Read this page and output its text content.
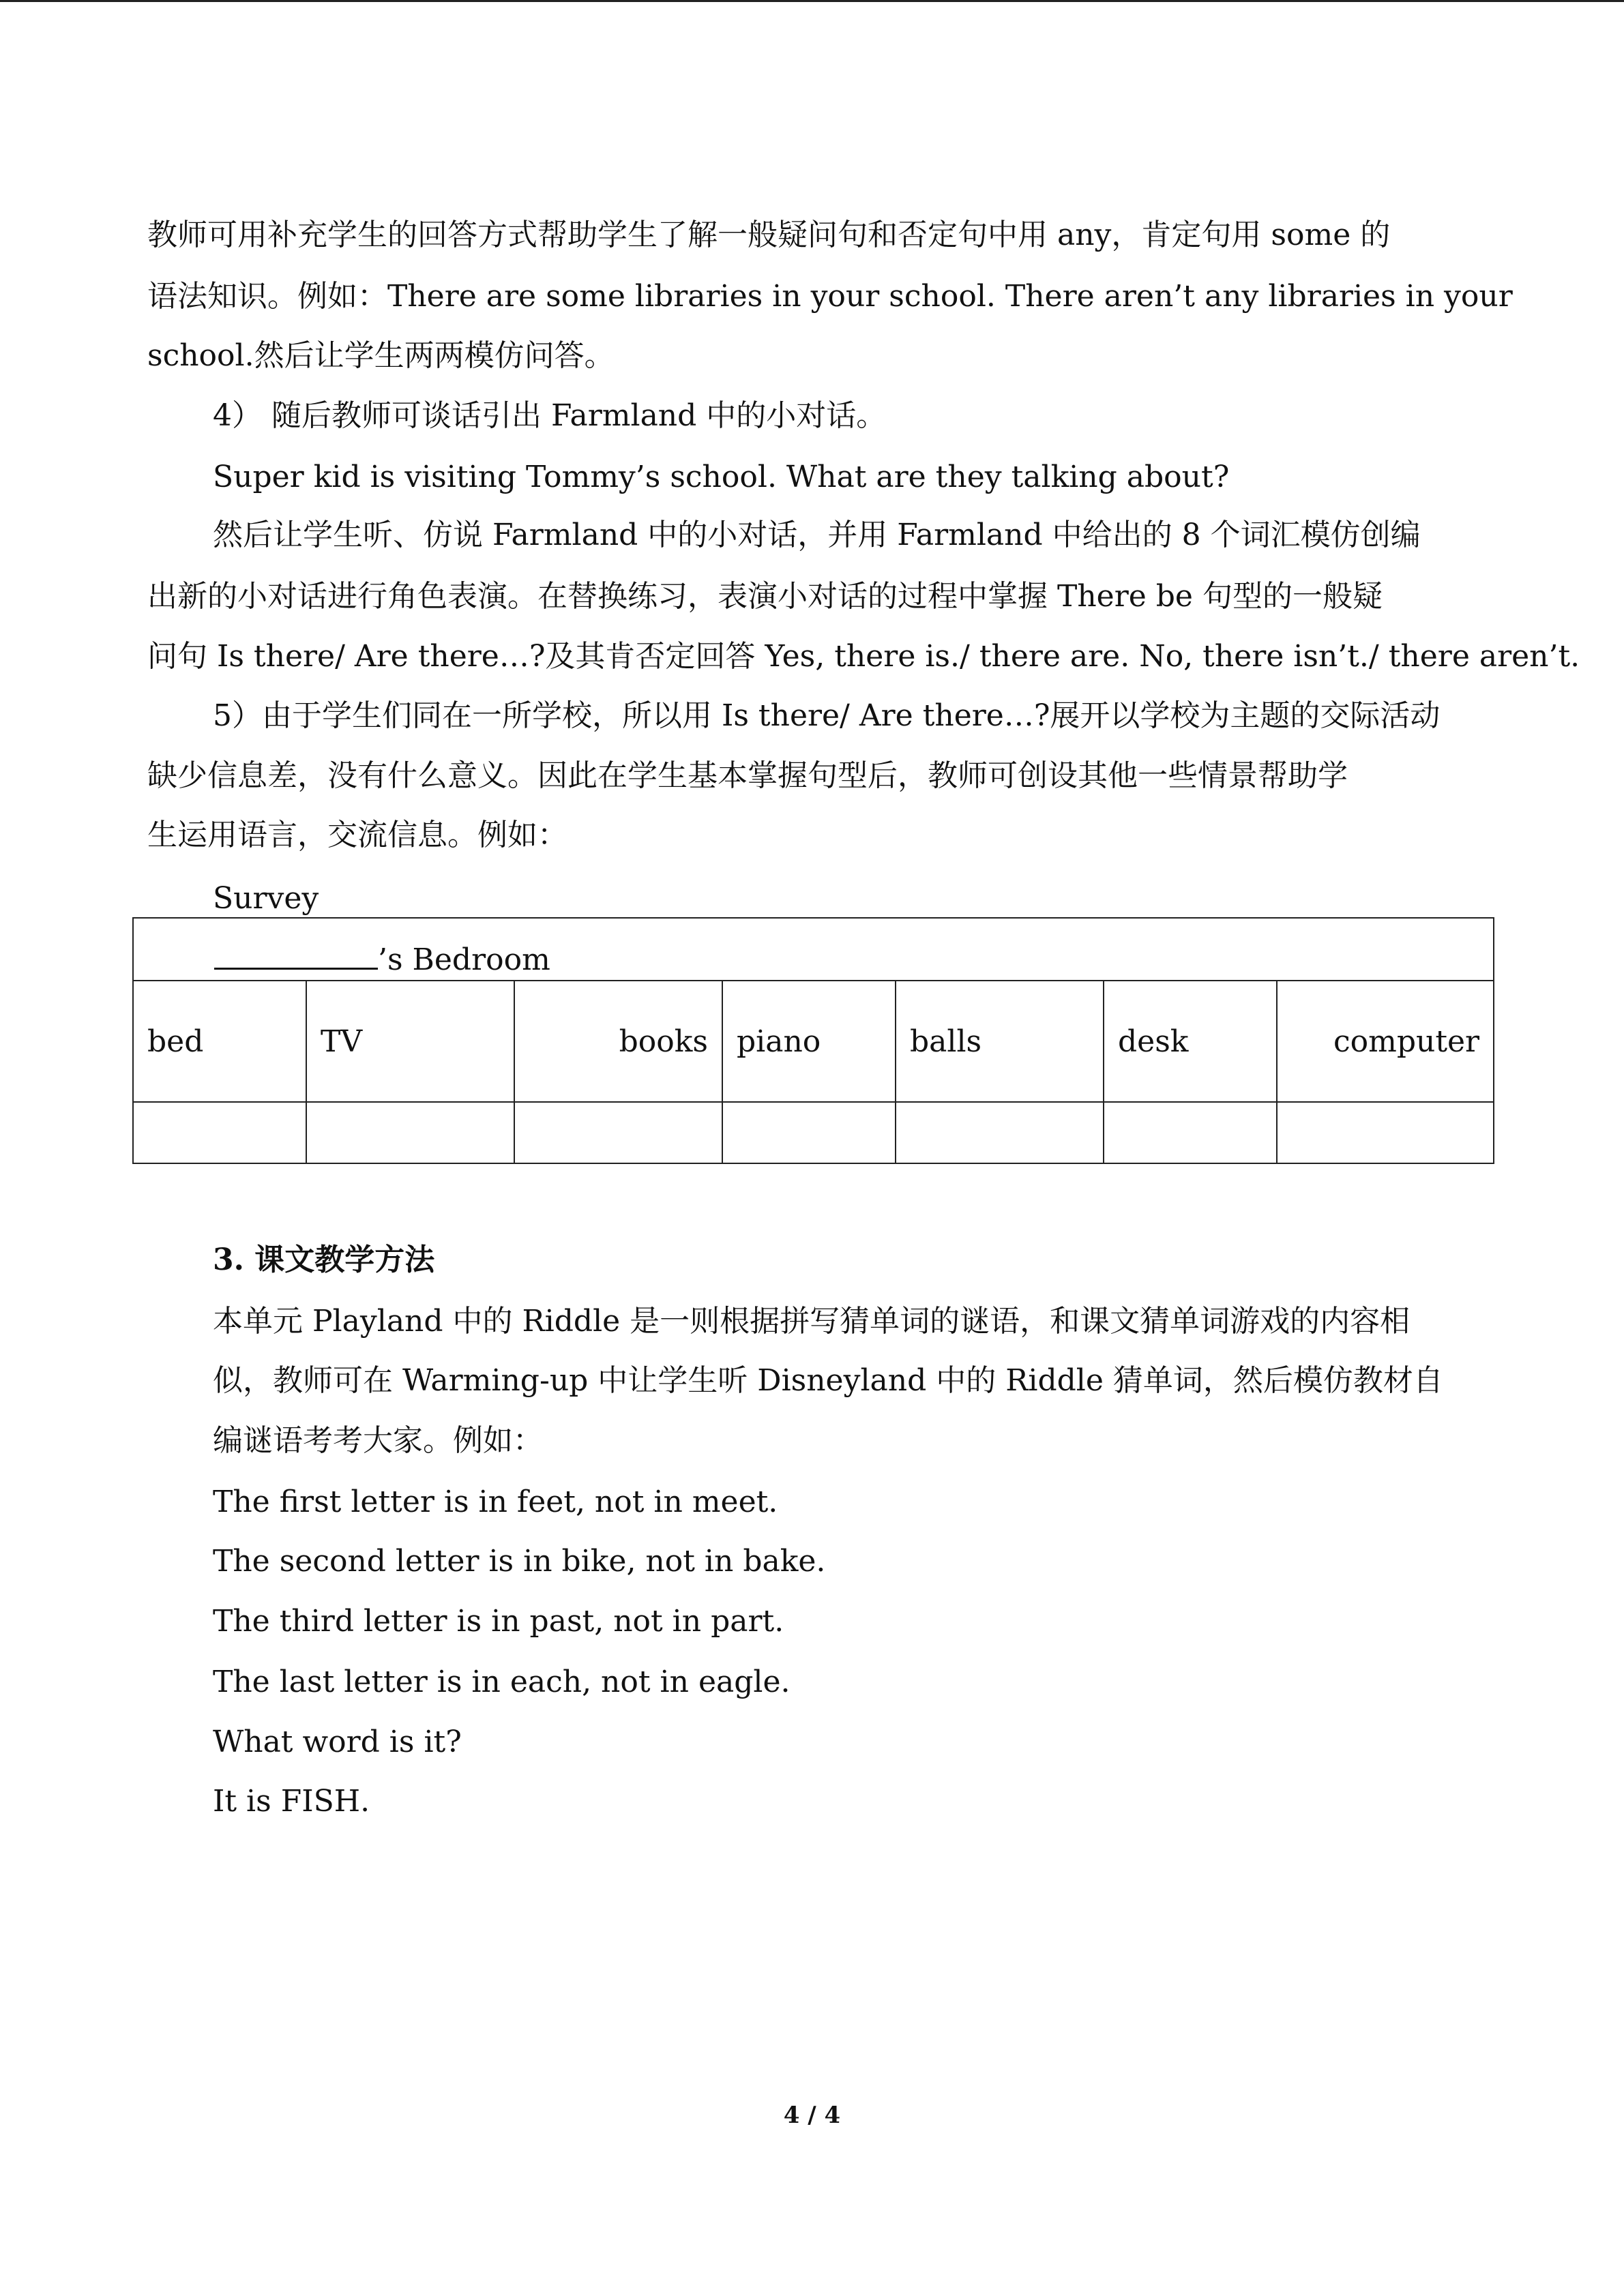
教师可用补充学生的回答方式帮助学生了解一般疑问句和否定句中用 any，肯定句用 some 的
语法知识。例如：There are some libraries in your school. There aren’t any libraries in your
school.然后让学生两两模仿问答。
4） 随后教师可谈话引出 Farmland 中的小对话。
Super kid is visiting Tommy’s school. What are they talking about?
然后让学生听、仿说 Farmland 中的小对话，并用 Farmland 中给出的 8 个词汇模仿创编
出新的小对话进行角色表演。在替换练习，表演小对话的过程中掌握 There be 句型的一般疑
问句 Is there/ Are there…?及其肯否定回答 Yes, there is./ there are. No, there isn’t./ there aren’t.
5）由于学生们同在一所学校，所以用 Is there/ Are there…?展开以学校为主题的交际活动
缺少信息差，没有什么意义。因此在学生基本掌握句型后，教师可创设其他一些情景帮助学
生运用语言，交流信息。例如：
Survey
’s Bedroom						
bed	TV	books	piano	balls	desk	computer

3. 课文教学方法
本单元 Playland 中的 Riddle 是一则根据拼写猜单词的谜语，和课文猜单词游戏的内容相
似，教师可在 Warming-up 中让学生听 Disneyland 中的 Riddle 猜单词，然后模仿教材自
编谜语考考大家。例如：
The first letter is in feet, not in meet.
The second letter is in bike, not in bake.
The third letter is in past, not in part.
The last letter is in each, not in eagle.
What word is it?
It is FISH.
4 / 4
